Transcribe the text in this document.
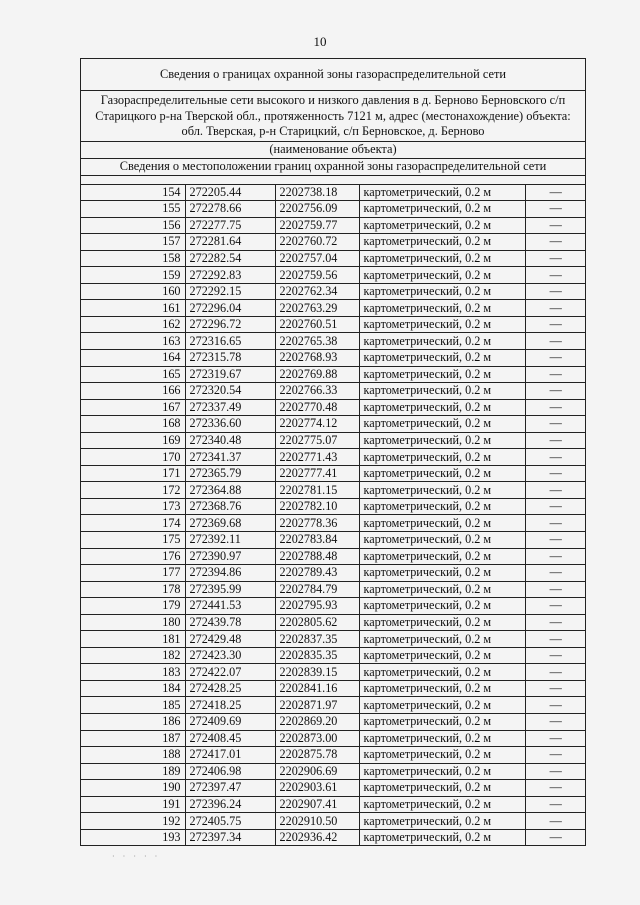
10
Сведения о границах охранной зоны газораспределительной сети
Газораспределительные сети высокого и низкого давления в д. Берново Берновского с/п Старицкого р-на Тверской обл., протяженность 7121 м, адрес (местонахождение) объекта: обл. Тверская, р-н Старицкий, с/п Берновское, д. Берново
(наименование объекта)
Сведения о местоположении границ охранной зоны газораспределительной сети
154	272205.44	2202738.18	картометрический, 0.2 м	—
155	272278.66	2202756.09	картометрический, 0.2 м	—
156	272277.75	2202759.77	картометрический, 0.2 м	—
157	272281.64	2202760.72	картометрический, 0.2 м	—
158	272282.54	2202757.04	картометрический, 0.2 м	—
159	272292.83	2202759.56	картометрический, 0.2 м	—
160	272292.15	2202762.34	картометрический, 0.2 м	—
161	272296.04	2202763.29	картометрический, 0.2 м	—
162	272296.72	2202760.51	картометрический, 0.2 м	—
163	272316.65	2202765.38	картометрический, 0.2 м	—
164	272315.78	2202768.93	картометрический, 0.2 м	—
165	272319.67	2202769.88	картометрический, 0.2 м	—
166	272320.54	2202766.33	картометрический, 0.2 м	—
167	272337.49	2202770.48	картометрический, 0.2 м	—
168	272336.60	2202774.12	картометрический, 0.2 м	—
169	272340.48	2202775.07	картометрический, 0.2 м	—
170	272341.37	2202771.43	картометрический, 0.2 м	—
171	272365.79	2202777.41	картометрический, 0.2 м	—
172	272364.88	2202781.15	картометрический, 0.2 м	—
173	272368.76	2202782.10	картометрический, 0.2 м	—
174	272369.68	2202778.36	картометрический, 0.2 м	—
175	272392.11	2202783.84	картометрический, 0.2 м	—
176	272390.97	2202788.48	картометрический, 0.2 м	—
177	272394.86	2202789.43	картометрический, 0.2 м	—
178	272395.99	2202784.79	картометрический, 0.2 м	—
179	272441.53	2202795.93	картометрический, 0.2 м	—
180	272439.78	2202805.62	картометрический, 0.2 м	—
181	272429.48	2202837.35	картометрический, 0.2 м	—
182	272423.30	2202835.35	картометрический, 0.2 м	—
183	272422.07	2202839.15	картометрический, 0.2 м	—
184	272428.25	2202841.16	картометрический, 0.2 м	—
185	272418.25	2202871.97	картометрический, 0.2 м	—
186	272409.69	2202869.20	картометрический, 0.2 м	—
187	272408.45	2202873.00	картометрический, 0.2 м	—
188	272417.01	2202875.78	картометрический, 0.2 м	—
189	272406.98	2202906.69	картометрический, 0.2 м	—
190	272397.47	2202903.61	картометрический, 0.2 м	—
191	272396.24	2202907.41	картометрический, 0.2 м	—
192	272405.75	2202910.50	картометрический, 0.2 м	—
193	272397.34	2202936.42	картометрический, 0.2 м	—
· · · · ·
